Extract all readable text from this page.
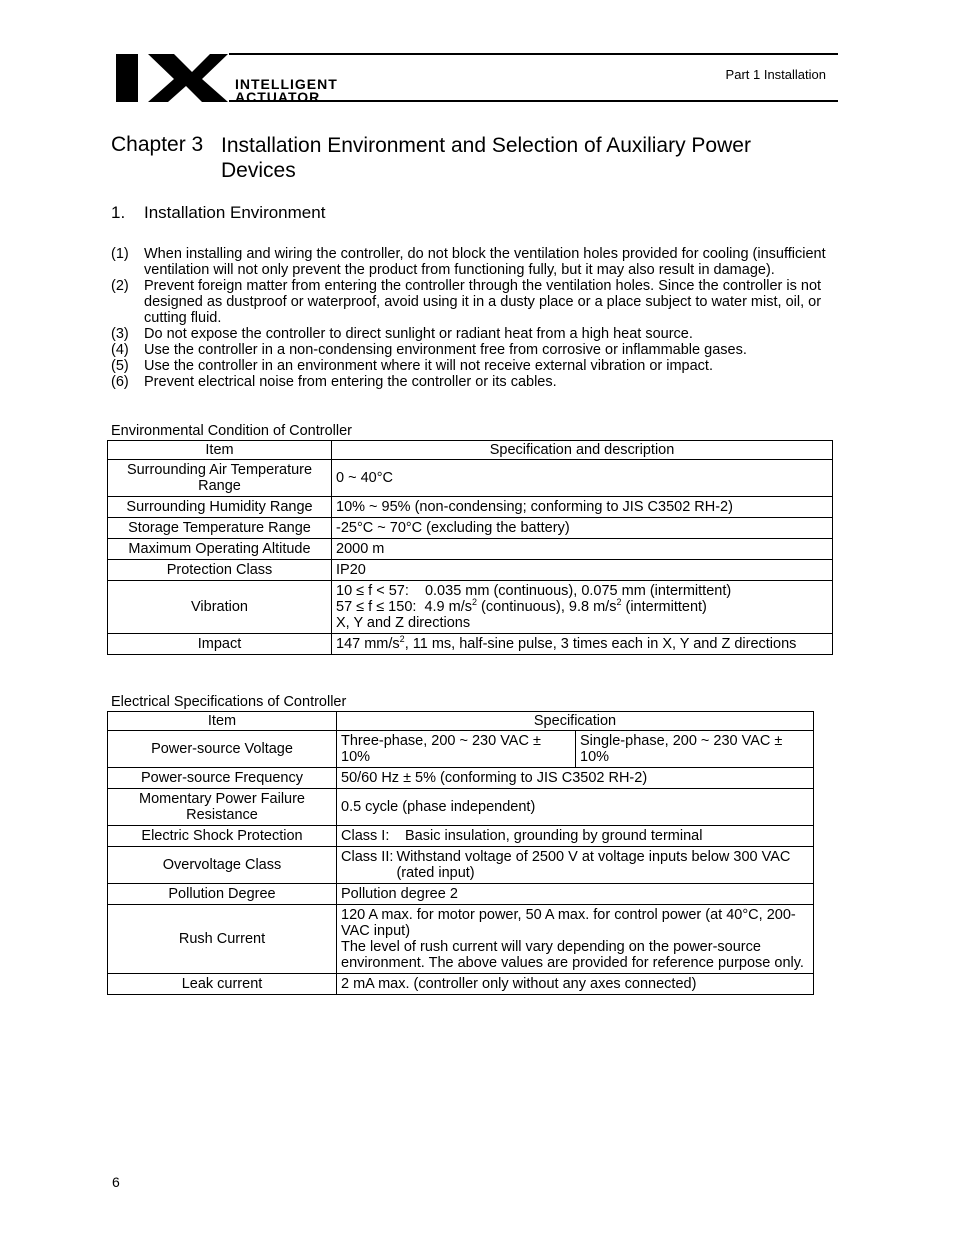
INTELLIGENT
ACTUATOR
Part 1 Installation
Chapter 3 Installation Environment and Selection of Auxiliary Power Devices
1. Installation Environment
(1)	When installing and wiring the controller, do not block the ventilation holes provided for cooling (insufficient ventilation will not only prevent the product from functioning fully, but it may also result in damage).
(2)	Prevent foreign matter from entering the controller through the ventilation holes. Since the controller is not designed as dustproof or waterproof, avoid using it in a dusty place or a place subject to water mist, oil, or cutting fluid.
(3)	Do not expose the controller to direct sunlight or radiant heat from a high heat source.
(4)	Use the controller in a non-condensing environment free from corrosive or inflammable gases.
(5)	Use the controller in an environment where it will not receive external vibration or impact.
(6)	Prevent electrical noise from entering the controller or its cables.
Environmental Condition of Controller
Item	Specification and description
Surrounding Air Temperature Range	0 ~ 40°C
Surrounding Humidity Range	10% ~ 95% (non-condensing; conforming to JIS C3502 RH-2)
Storage Temperature Range	-25°C ~ 70°C (excluding the battery)
Maximum Operating Altitude	2000 m
Protection Class	IP20
Vibration	10 ≤ f < 57:    0.035 mm (continuous), 0.075 mm (intermittent)
57 ≤ f ≤ 150:  4.9 $m/s^2$ (continuous), 9.8 $m/s^2$ (intermittent)
X, Y and Z directions

Impact	147 $mm/s^2$, 11 ms, half-sine pulse, 3 times each in X, Y and Z directions
Electrical Specifications of Controller
Item	Specification	
Power-source Voltage	Three-phase, 200 ~ 230 VAC ± 10%	Single-phase, 200 ~ 230 VAC ± 10%
Power-source Frequency	50/60 Hz ± 5% (conforming to JIS C3502 RH-2)	
Momentary Power Failure Resistance	0.5 cycle (phase independent)	
Electric Shock Protection	Class I: Basic insulation, grounding by ground terminal	

Overvoltage Class	Class II: Withstand voltage of 2500 V at voltage inputs below 300 VAC (rated input)	

Pollution Degree	Pollution degree 2	
Rush Current	120 A max. for motor power, 50 A max. for control power (at 40°C, 200-VAC input)
The level of rush current will vary depending on the power-source environment. The above values are provided for reference purpose only.	

Leak current	2 mA max. (controller only without any axes connected)	
6
